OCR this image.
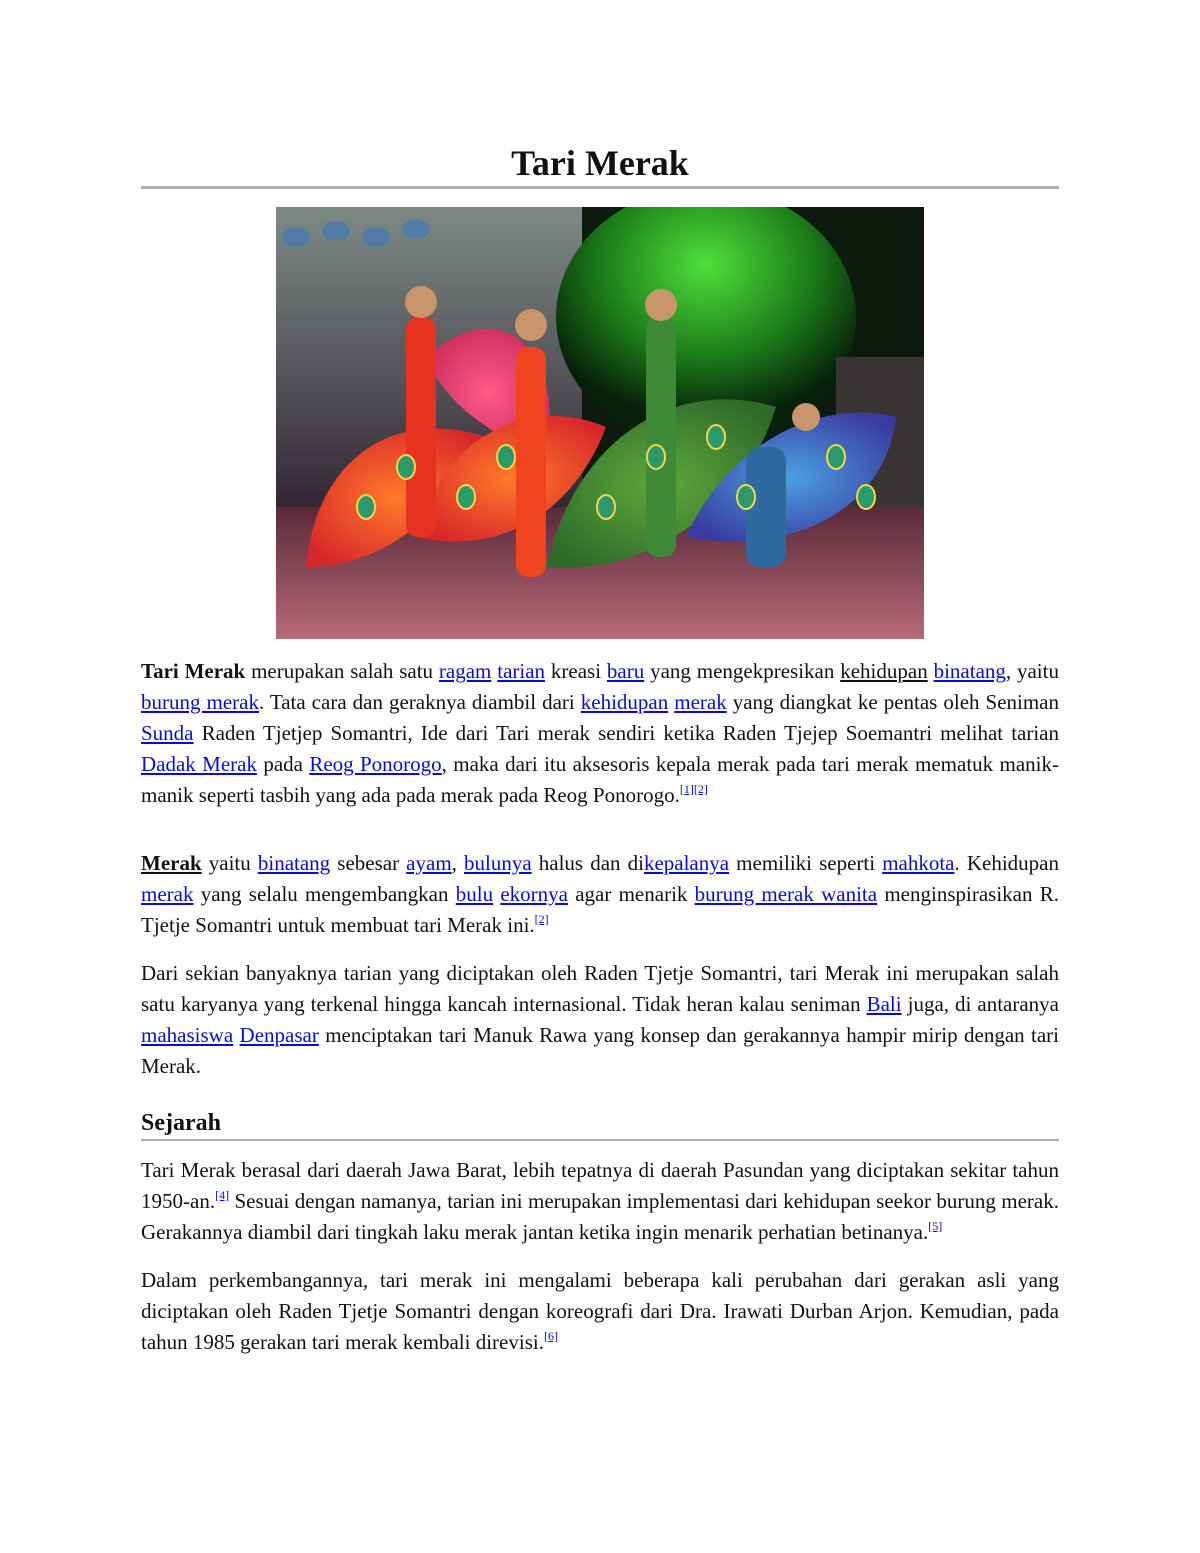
Tari Merak

Tari Merak merupakan salah satu ragam tarian kreasi baru yang mengekpresikan kehidupan binatang, yaitu burung merak. Tata cara dan geraknya diambil dari kehidupan merak yang diangkat ke pentas oleh Seniman Sunda Raden Tjetjep Somantri, Ide dari Tari merak sendiri ketika Raden Tjejep Soemantri melihat tarian Dadak Merak pada Reog Ponorogo, maka dari itu aksesoris kepala merak pada tari merak mematuk manik-manik seperti tasbih yang ada pada merak pada Reog Ponorogo.[1][2]

Merak yaitu binatang sebesar ayam, bulunya halus dan dikepalanya memiliki seperti mahkota. Kehidupan merak yang selalu mengembangkan bulu ekornya agar menarik burung merak wanita menginspirasikan R. Tjetje Somantri untuk membuat tari Merak ini.[2]

Dari sekian banyaknya tarian yang diciptakan oleh Raden Tjetje Somantri, tari Merak ini merupakan salah satu karyanya yang terkenal hingga kancah internasional. Tidak heran kalau seniman Bali juga, di antaranya mahasiswa Denpasar menciptakan tari Manuk Rawa yang konsep dan gerakannya hampir mirip dengan tari Merak.

Sejarah

Tari Merak berasal dari daerah Jawa Barat, lebih tepatnya di daerah Pasundan yang diciptakan sekitar tahun 1950-an.[4] Sesuai dengan namanya, tarian ini merupakan implementasi dari kehidupan seekor burung merak. Gerakannya diambil dari tingkah laku merak jantan ketika ingin menarik perhatian betinanya.[5]

Dalam perkembangannya, tari merak ini mengalami beberapa kali perubahan dari gerakan asli yang diciptakan oleh Raden Tjetje Somantri dengan koreografi dari Dra. Irawati Durban Arjon. Kemudian, pada tahun 1985 gerakan tari merak kembali direvisi.[6]
